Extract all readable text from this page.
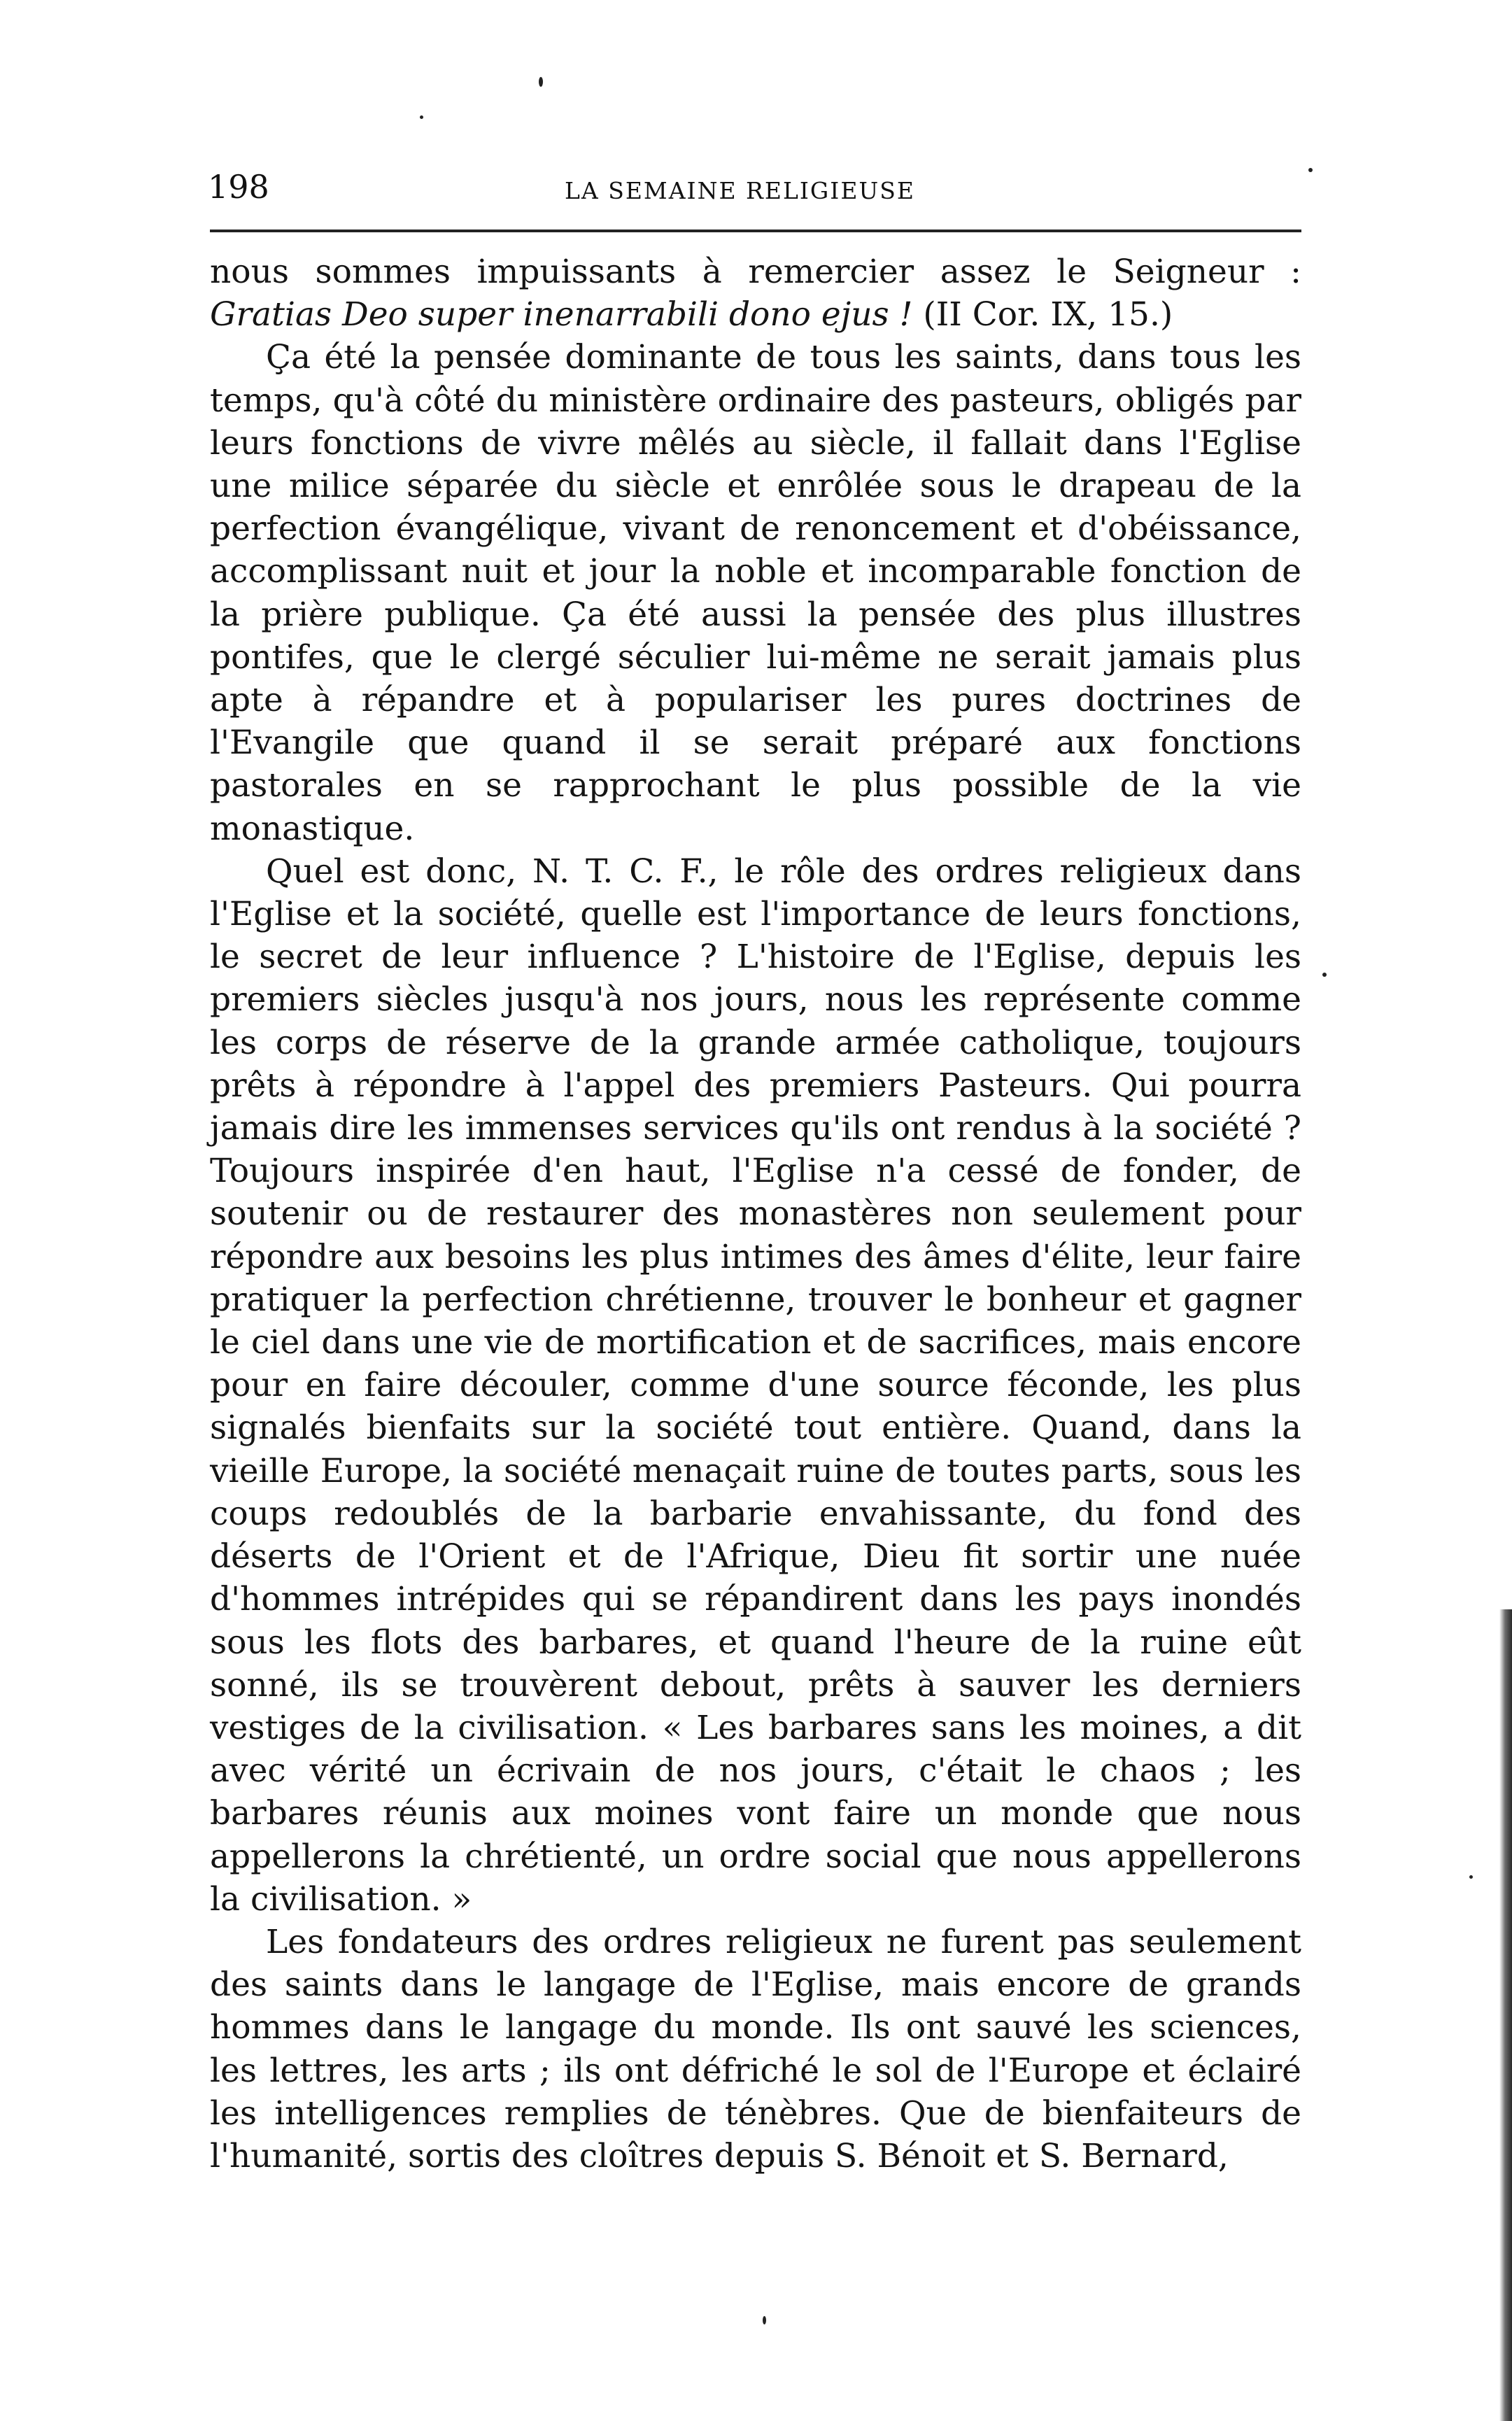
198	LA SEMAINE RELIGIEUSE

nous sommes impuissants à remercier assez le Seigneur : Gratias Deo super inenarrabili dono ejus ! (II Cor. IX, 15.)

Ça été la pensée dominante de tous les saints, dans tous les temps, qu'à côté du ministère ordinaire des pasteurs, obligés par leurs fonctions de vivre mêlés au siècle, il fallait dans l'Eglise une milice séparée du siècle et enrôlée sous le drapeau de la perfection évangélique, vivant de renoncement et d'obéissance, accomplissant nuit et jour la noble et incomparable fonction de la prière publique. Ça été aussi la pensée des plus illustres pontifes, que le clergé séculier lui-même ne serait jamais plus apte à répandre et à populariser les pures doctrines de l'Evangile que quand il se serait préparé aux fonctions pastorales en se rapprochant le plus possible de la vie monastique.

Quel est donc, N. T. C. F., le rôle des ordres religieux dans l'Eglise et la société, quelle est l'importance de leurs fonctions, le secret de leur influence ? L'histoire de l'Eglise, depuis les premiers siècles jusqu'à nos jours, nous les représente comme les corps de réserve de la grande armée catholique, toujours prêts à répondre à l'appel des premiers Pasteurs. Qui pourra jamais dire les immenses services qu'ils ont rendus à la société ? Toujours inspirée d'en haut, l'Eglise n'a cessé de fonder, de soutenir ou de restaurer des monastères non seulement pour répondre aux besoins les plus intimes des âmes d'élite, leur faire pratiquer la perfection chrétienne, trouver le bonheur et gagner le ciel dans une vie de mortification et de sacrifices, mais encore pour en faire découler, comme d'une source féconde, les plus signalés bienfaits sur la société tout entière. Quand, dans la vieille Europe, la société menaçait ruine de toutes parts, sous les coups redoublés de la barbarie envahissante, du fond des déserts de l'Orient et de l'Afrique, Dieu fit sortir une nuée d'hommes intrépides qui se répandirent dans les pays inondés sous les flots des barbares, et quand l'heure de la ruine eût sonné, ils se trouvèrent debout, prêts à sauver les derniers vestiges de la civilisation. « Les barbares sans les moines, a dit avec vérité un écrivain de nos jours, c'était le chaos ; les barbares réunis aux moines vont faire un monde que nous appellerons la chrétienté, un ordre social que nous appellerons la civilisation. »

Les fondateurs des ordres religieux ne furent pas seulement des saints dans le langage de l'Eglise, mais encore de grands hommes dans le langage du monde. Ils ont sauvé les sciences, les lettres, les arts ; ils ont défriché le sol de l'Europe et éclairé les intelligences remplies de ténèbres. Que de bienfaiteurs de l'humanité, sortis des cloîtres depuis S. Bénoit et S. Bernard,
